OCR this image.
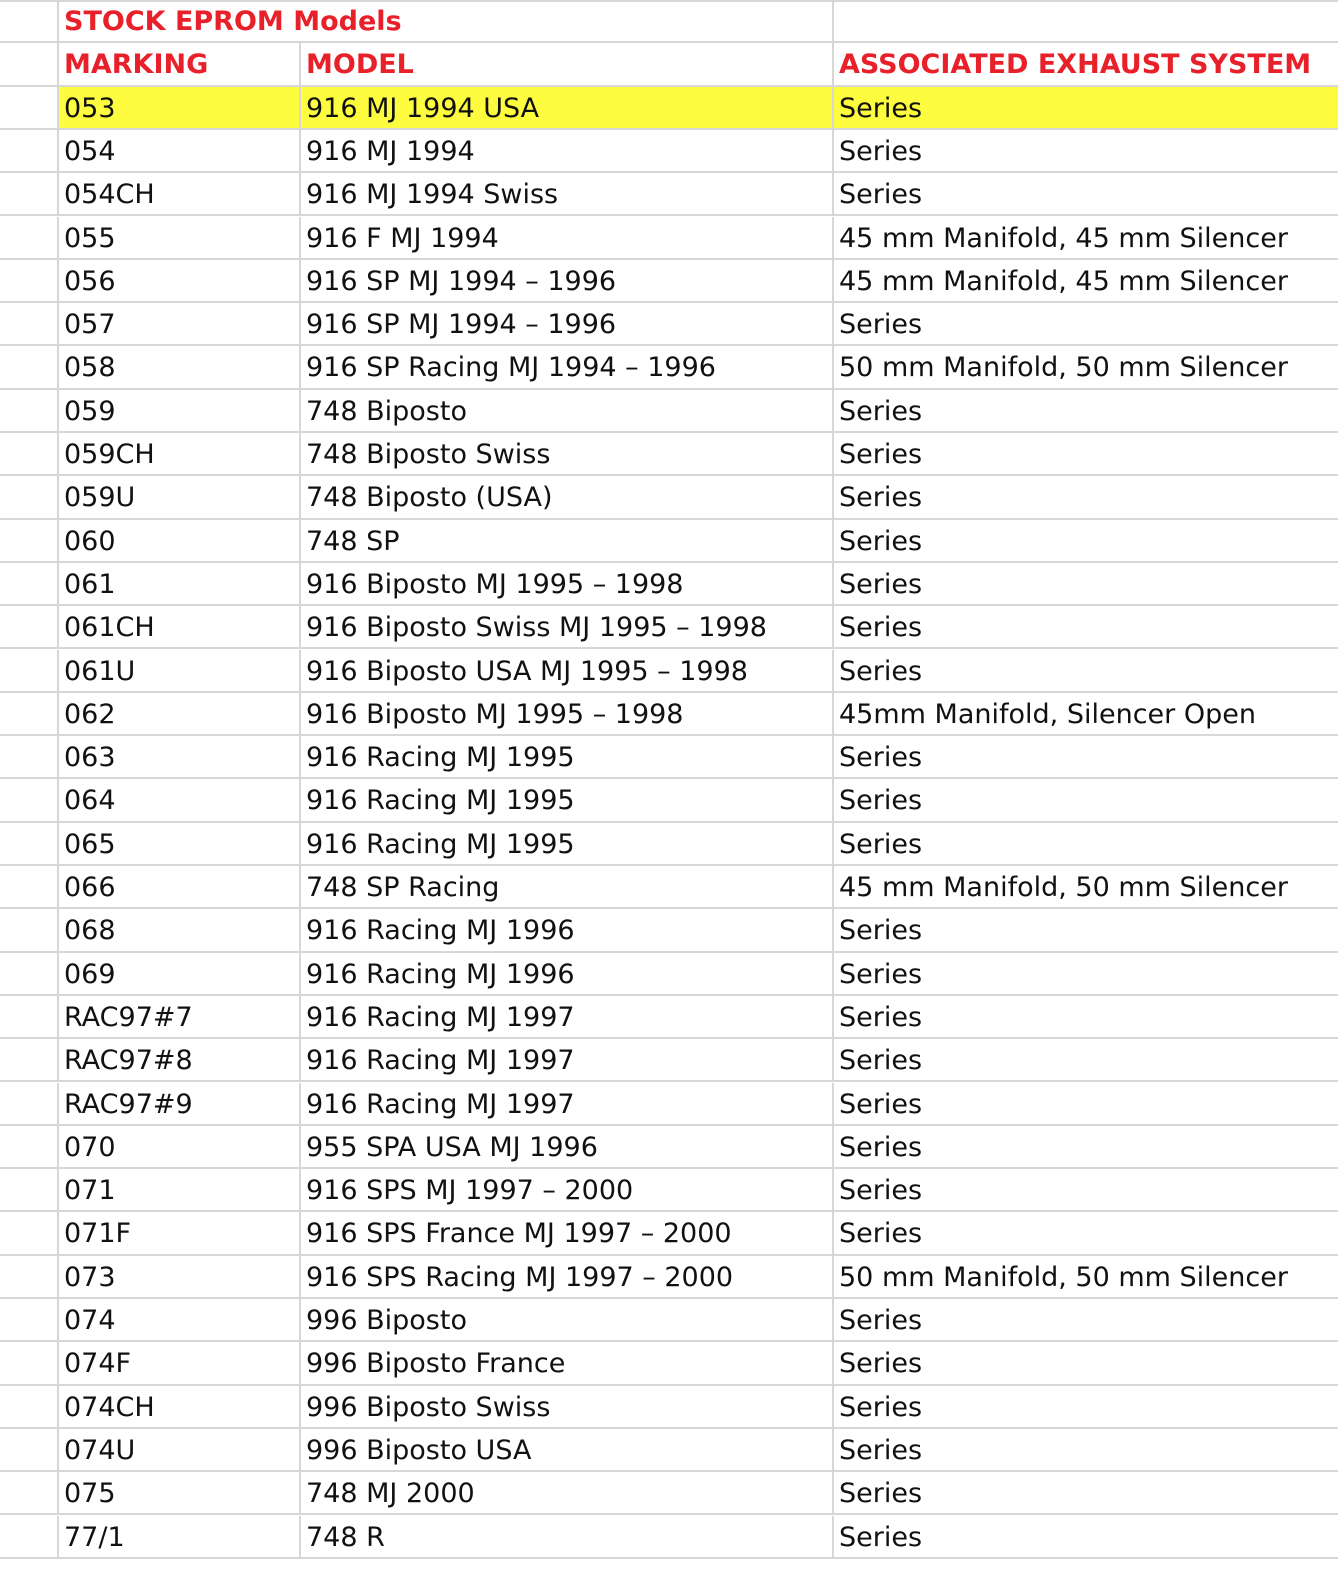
STOCK EPROM Models
MARKING	MODEL	ASSOCIATED EXHAUST SYSTEM
053	916 MJ 1994 USA	Series
054	916 MJ 1994	Series
054CH	916 MJ 1994 Swiss	Series
055	916 F MJ 1994	45 mm Manifold, 45 mm Silencer
056	916 SP MJ 1994 – 1996	45 mm Manifold, 45 mm Silencer
057	916 SP MJ 1994 – 1996	Series
058	916 SP Racing MJ 1994 – 1996	50 mm Manifold, 50 mm Silencer
059	748 Biposto	Series
059CH	748 Biposto Swiss	Series
059U	748 Biposto (USA)	Series
060	748 SP	Series
061	916 Biposto MJ 1995 – 1998	Series
061CH	916 Biposto Swiss MJ 1995 – 1998	Series
061U	916 Biposto USA MJ 1995 – 1998	Series
062	916 Biposto MJ 1995 – 1998	45mm Manifold, Silencer Open
063	916 Racing MJ 1995	Series
064	916 Racing MJ 1995	Series
065	916 Racing MJ 1995	Series
066	748 SP Racing	45 mm Manifold, 50 mm Silencer
068	916 Racing MJ 1996	Series
069	916 Racing MJ 1996	Series
RAC97#7	916 Racing MJ 1997	Series
RAC97#8	916 Racing MJ 1997	Series
RAC97#9	916 Racing MJ 1997	Series
070	955 SPA USA MJ 1996	Series
071	916 SPS MJ 1997 – 2000	Series
071F	916 SPS France MJ 1997 – 2000	Series
073	916 SPS Racing MJ 1997 – 2000	50 mm Manifold, 50 mm Silencer
074	996 Biposto	Series
074F	996 Biposto France	Series
074CH	996 Biposto Swiss	Series
074U	996 Biposto USA	Series
075	748 MJ 2000	Series
77/1	748 R	Series
